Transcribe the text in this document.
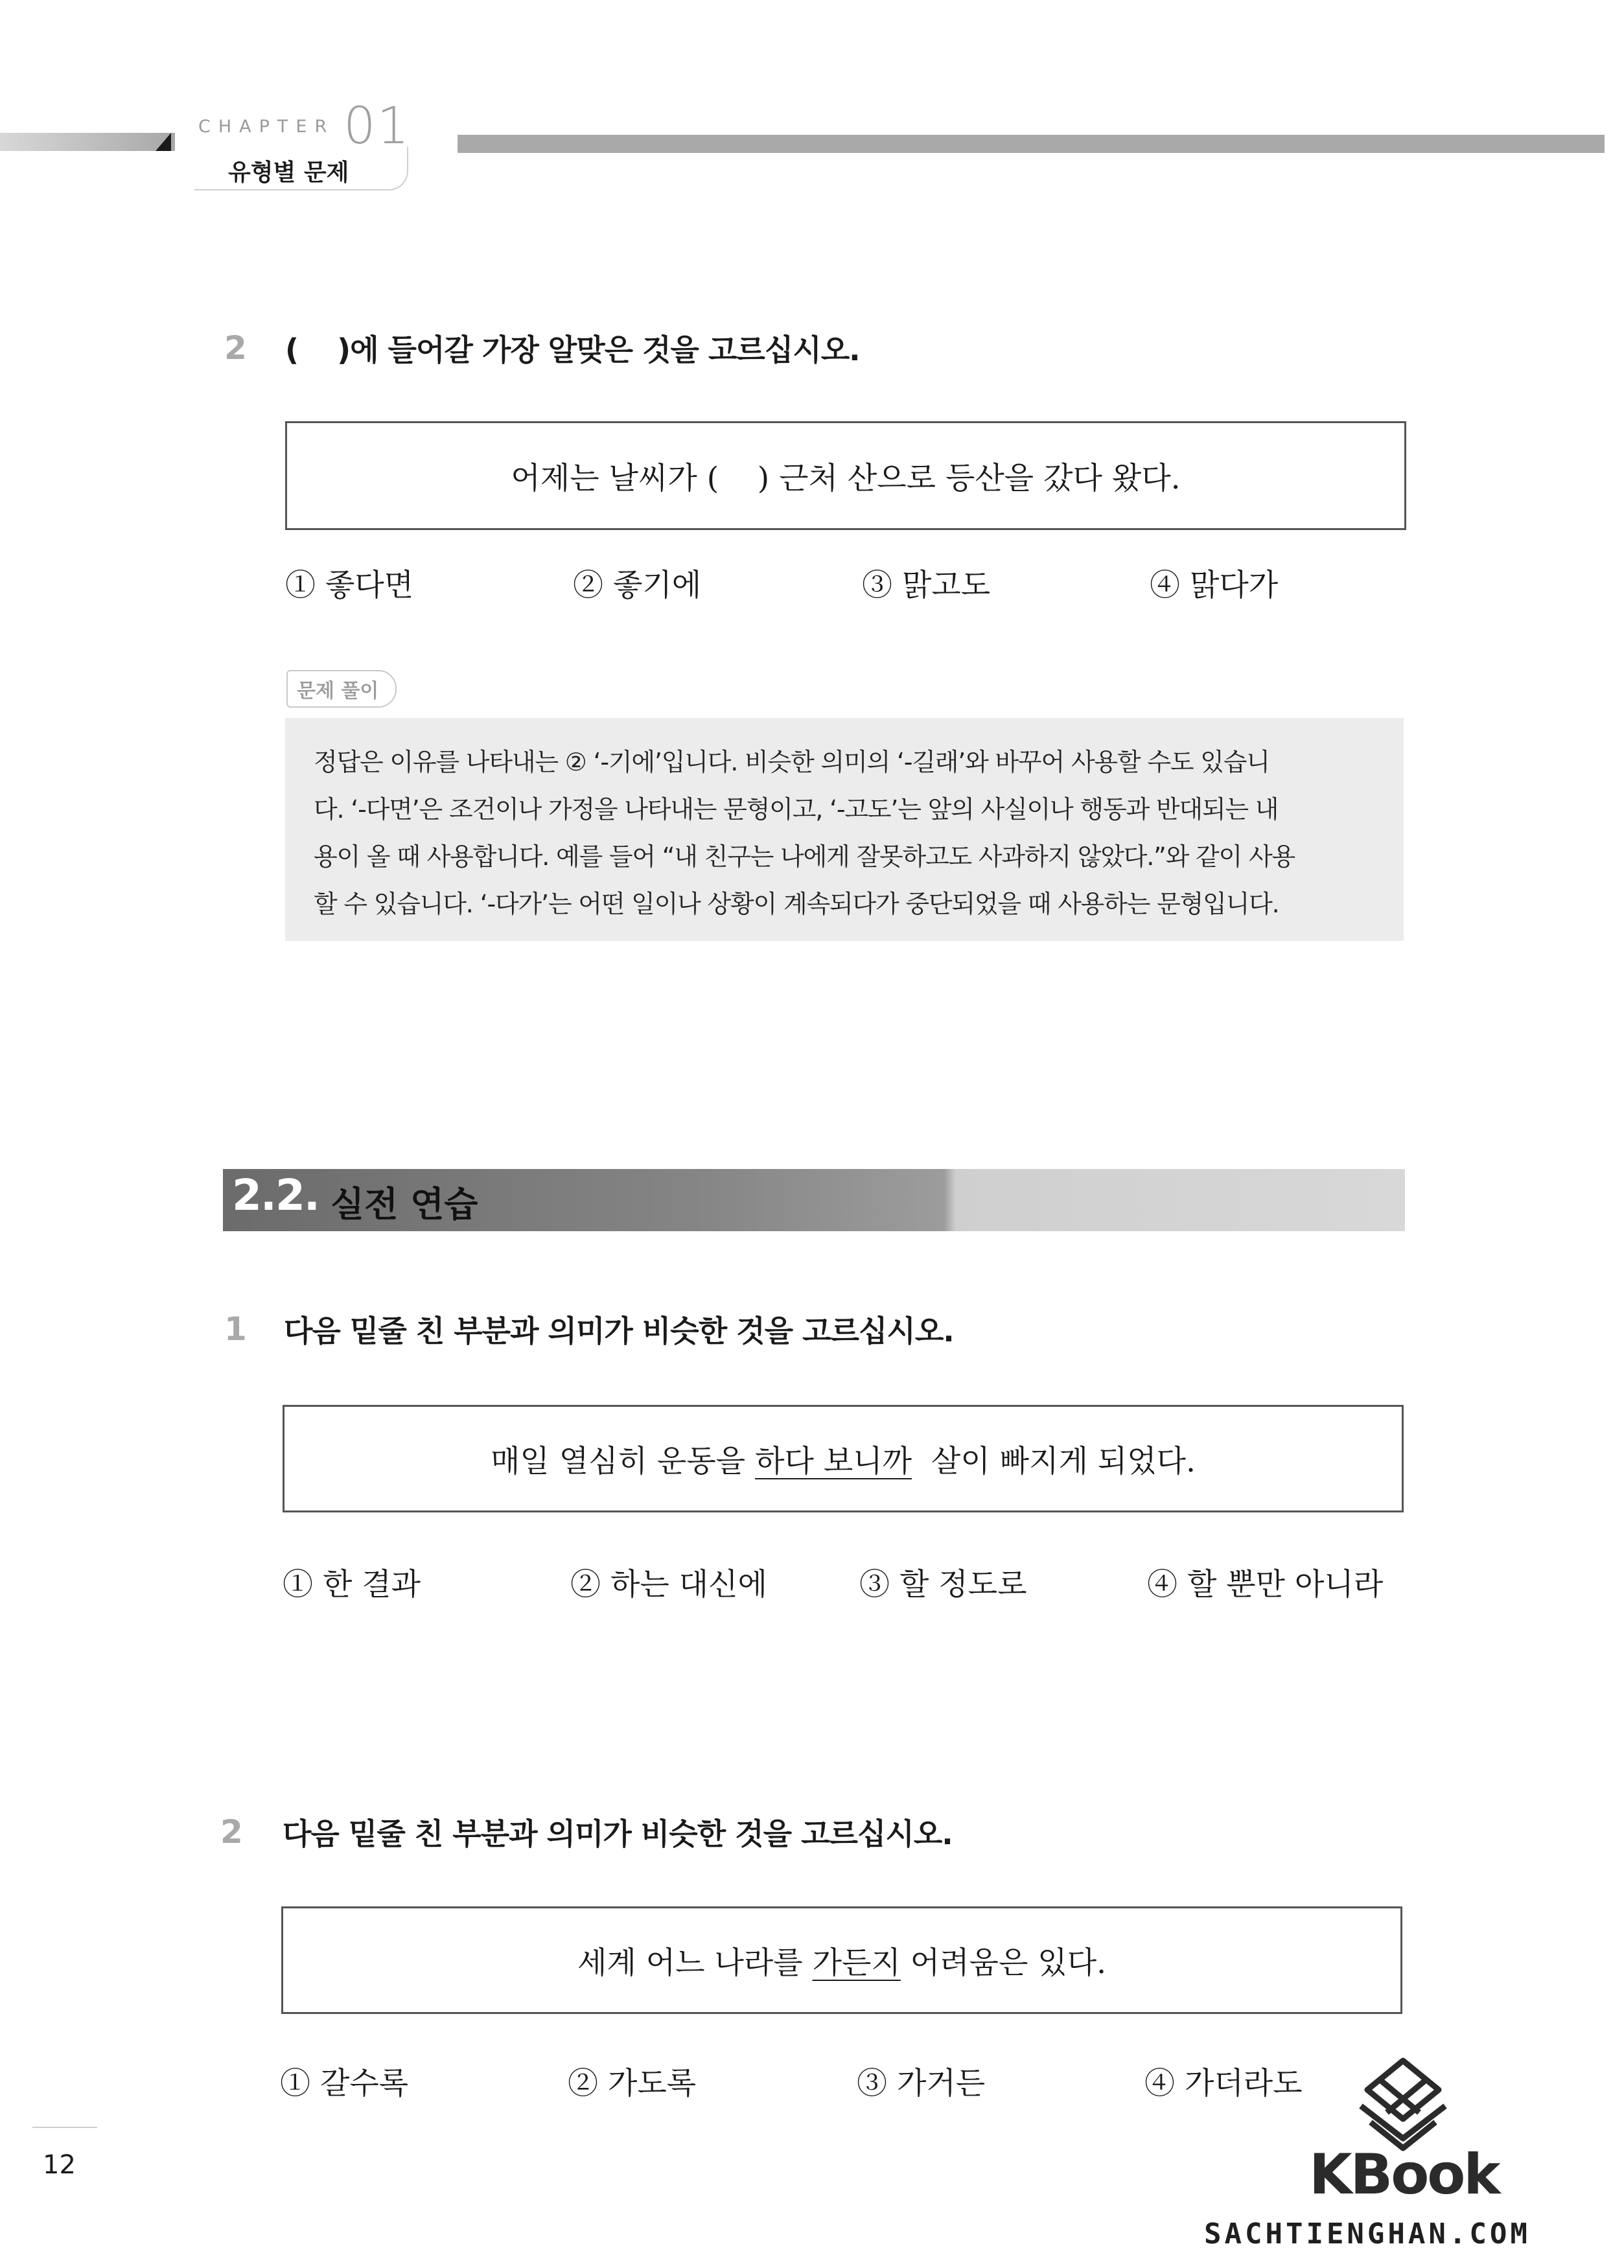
CHAPTER 01
유형별 문제
2 (    )에 들어갈 가장 알맞은 것을 고르십시오.
어제는 날씨가 (    ) 근처 산으로 등산을 갔다 왔다.
① 좋다면	② 좋기에	③ 맑고도	④ 맑다가
문제 풀이
정답은 이유를 나타내는 ② ‘-기에’입니다. 비슷한 의미의 ‘-길래’와 바꾸어 사용할 수도 있습니
다. ‘-다면’은 조건이나 가정을 나타내는 문형이고, ‘-고도’는 앞의 사실이나 행동과 반대되는 내
용이 올 때 사용합니다. 예를 들어 “내 친구는 나에게 잘못하고도 사과하지 않았다.”와 같이 사용
할 수 있습니다. ‘-다가’는 어떤 일이나 상황이 계속되다가 중단되었을 때 사용하는 문형입니다.
2.2. 실전 연습
1 다음 밑줄 친 부분과 의미가 비슷한 것을 고르십시오.
매일 열심히 운동을 하다 보니까  살이 빠지게 되었다.
① 한 결과	② 하는 대신에	③ 할 정도로	④ 할 뿐만 아니라
2 다음 밑줄 친 부분과 의미가 비슷한 것을 고르십시오.
세계 어느 나라를 가든지 어려움은 있다.
① 갈수록	② 가도록	③ 가거든	④ 가더라도
12	KBook
SACHTIENGHAN.COM
